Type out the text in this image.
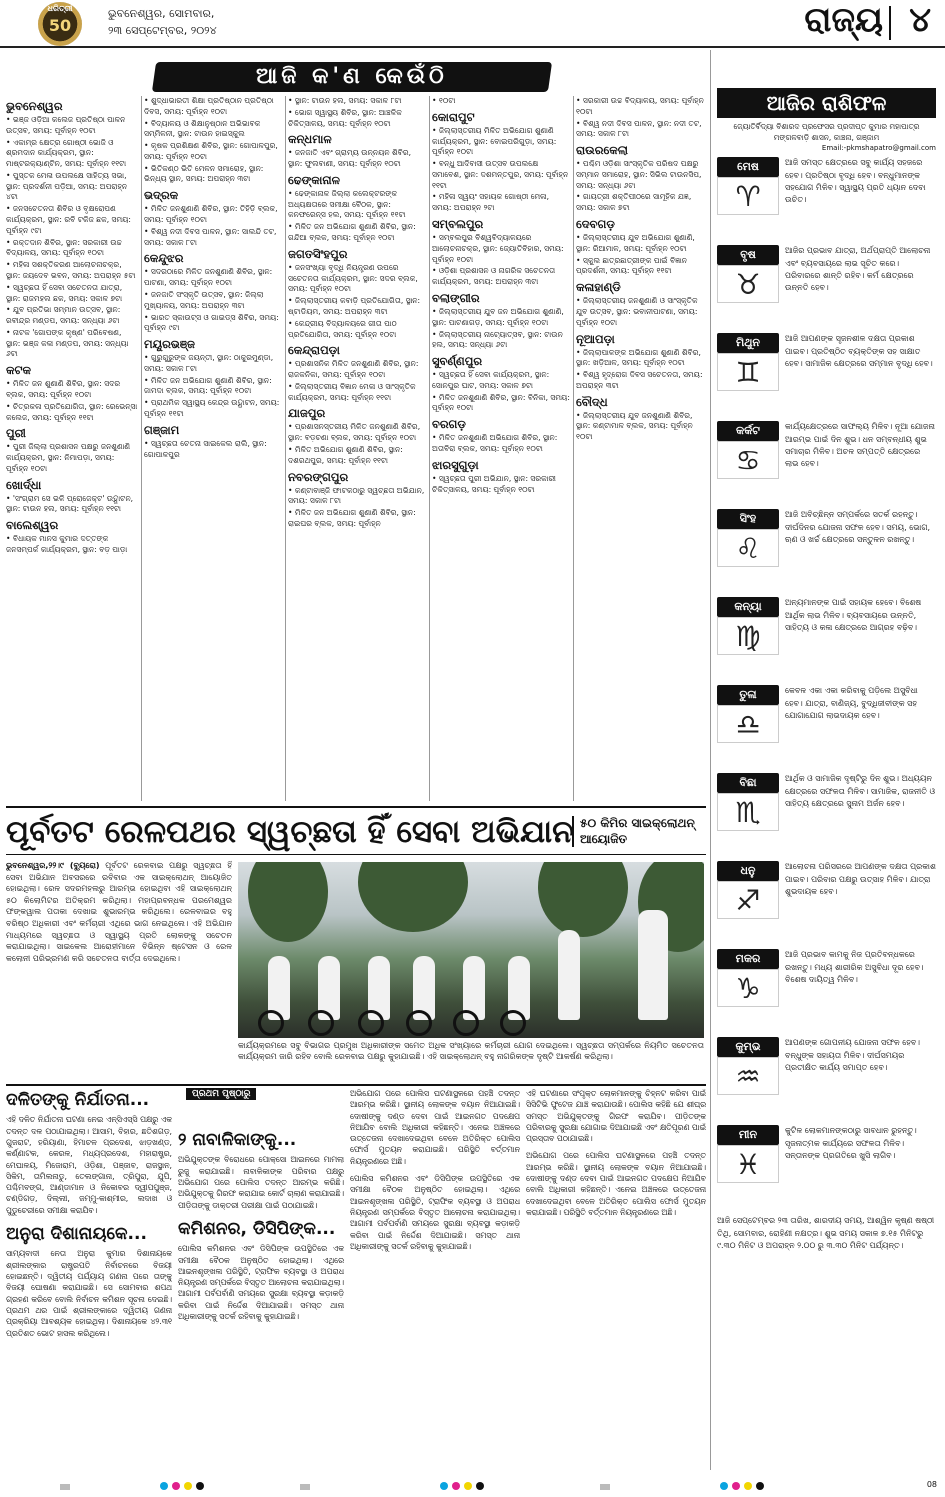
ଧରିତ୍ରୀ
50
ଭୁବନେଶ୍ୱର, ସୋମବାର,
୨୩ ସେପ୍ଟେମ୍ବର, ୨୦୨୪	ରାଜ୍ୟ ୪
ଆଜି କ'ଣ କେଉଁଠି
ଭୁବନେଶ୍ୱର

• ଭଞ୍ଜ ଓଡ଼ିଆ କଲେଜ ପ୍ରତିଷ୍ଠା ପାଳନ ଉତ୍ସବ, ସମୟ: ପୂର୍ବାହ୍ନ ୧୦ଟା

• ଏକାମ୍ର କ୍ଷେତ୍ର ଗୋଷ୍ଠୀ ଭୋଜି ଓ ଶ୍ରମଦାନ କାର୍ଯ୍ୟକ୍ରମ, ସ୍ଥାନ: ମାଷ୍ଟରକ୍ୟାଣ୍ଟିନ, ସମୟ: ପୂର୍ବାହ୍ନ ୧୧ଟା

• ପୁସ୍ତକ ମେଳା ଉପଲକ୍ଷେ ସାହିତ୍ୟ ସଭା, ସ୍ଥାନ: ପ୍ରଦର୍ଶନୀ ପଡ଼ିଆ, ସମୟ: ଅପରାହ୍ନ ୪ଟା

• ଜନସଚେତନତା ଶିବିର ଓ ବୃକ୍ଷରୋପଣ କାର୍ଯ୍ୟକ୍ରମ, ସ୍ଥାନ: ରବି ଟକିଜ ଛକ, ସମୟ: ପୂର୍ବାହ୍ନ ୯ଟା

• ରକ୍ତଦାନ ଶିବିର, ସ୍ଥାନ: ସରକାରୀ ଉଚ୍ଚ ବିଦ୍ୟାଳୟ, ସମୟ: ପୂର୍ବାହ୍ନ ୧୦ଟା

• ମହିଳା ସଶକ୍ତିକରଣ ଆଲୋଚନାଚକ୍ର, ସ୍ଥାନ: ଜୟଦେବ ଭବନ, ସମୟ: ଅପରାହ୍ନ ୫ଟା

• ସ୍ୱଚ୍ଛତା ହିଁ ସେବା ସଚେତନତା ଯାତ୍ରା, ସ୍ଥାନ: ରାଜମହଲ ଛକ, ସମୟ: ସକାଳ ୭ଟା

• ଯୁବ ପ୍ରତିଭା ସମ୍ମାନ ଉତ୍ସବ, ସ୍ଥାନ: ରବୀନ୍ଦ୍ର ମଣ୍ଡପ, ସମୟ: ସନ୍ଧ୍ୟା ୬ଟା

• ନାଟକ 'ଗୋପଙ୍କ କୃଷ୍ଣ' ପରିବେଷଣ, ସ୍ଥାନ: ଭଞ୍ଜ କଳା ମଣ୍ଡପ, ସମୟ: ସନ୍ଧ୍ୟା ୬ଟା

କଟକ

• ମିଳିତ ଜନ ଶୁଣାଣି ଶିବିର, ସ୍ଥାନ: ସଦର ବ୍ଲକ, ସମୟ: ପୂର୍ବାହ୍ନ ୧୦ଟା

• ଚିତ୍ରକଳା ପ୍ରତିଯୋଗିତା, ସ୍ଥାନ: ରେଭେନ୍ସା କଲେଜ, ସମୟ: ପୂର୍ବାହ୍ନ ୧୧ଟା

ପୁରୀ

• ପୁରୀ ଜିଲ୍ଲା ପ୍ରଶାସନ ପକ୍ଷରୁ ଜନଶୁଣାଣି କାର୍ଯ୍ୟକ୍ରମ, ସ୍ଥାନ: ନିମାପଡ଼ା, ସମୟ: ପୂର୍ବାହ୍ନ ୧୦ଟା

ଖୋର୍ଦ୍ଧା

• 'ସଂଗ୍ରାମ ସେ ଭଳି ପ୍ରୋଜେକ୍ଟ' ଉଦ୍ଘାଟନ, ସ୍ଥାନ: ଟାଉନ ହଲ, ସମୟ: ପୂର୍ବାହ୍ନ ୧୧ଟା

ବାଲେଶ୍ୱର

• ବିଧାୟକ ମାନସ କୁମାର ଦତ୍ତଙ୍କ ଜନସମ୍ପର୍କ କାର୍ଯ୍ୟକ୍ରମ, ସ୍ଥାନ: ବଡ଼ ପାଡ଼ା

• ଶୁଦ୍ଧାଭାରତୀ ଶିକ୍ଷା ପ୍ରତିଷ୍ଠାନ ପ୍ରତିଷ୍ଠା ଦିବସ, ସମୟ: ପୂର୍ବାହ୍ନ ୧୦ଟା

• ବିଦ୍ୟାଳୟ ଓ ଶିକ୍ଷାନୁଷ୍ଠାନ ଅଭିଭାବକ ସମ୍ମିଳନୀ, ସ୍ଥାନ: ଟାଉନ ହାଇସ୍କୁଲ

• କୃଷକ ପ୍ରଶିକ୍ଷଣ ଶିବିର, ସ୍ଥାନ: ଗୋପାଳପୁର, ସମୟ: ପୂର୍ବାହ୍ନ ୧୦ଟା

• ଭିତିକଣ୍ଠ ଭିତି ମେଳନ ସମାରୋହ, ସ୍ଥାନ: ଭିନ୍ଧ୍ୟ ସ୍ଥାନ, ସମୟ: ଅପରାହ୍ନ ୩ଟା

ଭଦ୍ରକ

• ମିଳିତ ଜନଶୁଣାଣି ଶିବିର, ସ୍ଥାନ: ତିହିଡ଼ି ବ୍ଲକ, ସମୟ: ପୂର୍ବାହ୍ନ ୧୦ଟା

• ବିଶ୍ୱ ନଦୀ ଦିବସ ପାଳନ, ସ୍ଥାନ: ସାଲନ୍ଦି ତଟ, ସମୟ: ସକାଳ ୮ଟା

କେନ୍ଦୁଝର

• ସଦରଠାରେ ମିଳିତ ଜନଶୁଣାଣି ଶିବିର, ସ୍ଥାନ: ପାଟଣା, ସମୟ: ପୂର୍ବାହ୍ନ ୧୦ଟା

• ଜନଜାତି ସଂସ୍କୃତି ଉତ୍ସବ, ସ୍ଥାନ: ଜିଲ୍ଲା ମୁଖ୍ୟାଳୟ, ସମୟ: ଅପରାହ୍ନ ୩ଟା

• ଭାରତ ସ୍କାଉଟ୍ସ ଓ ଗାଇଡ୍ସ ଶିବିର, ସମୟ: ପୂର୍ବାହ୍ନ ୯ଟା

ମୟୂରଭଞ୍ଜ

• ଗୁରୁଗୁରୁଙ୍କ ଜୟନ୍ତୀ, ସ୍ଥାନ: ଠାକୁରମୁଣ୍ଡା, ସମୟ: ସକାଳ ୮ଟା

• ମିଳିତ ଜନ ଅଭିଯୋଗ ଶୁଣାଣି ଶିବିର, ସ୍ଥାନ: ଜାମଦା ବ୍ଲକ, ସମୟ: ପୂର୍ବାହ୍ନ ୧୦ଟା

• ପ୍ରାଥମିକ ସ୍ୱାସ୍ଥ୍ୟ କେନ୍ଦ୍ର ଉଦ୍ଘାଟନ, ସମୟ: ପୂର୍ବାହ୍ନ ୧୧ଟା

ଗଞ୍ଜାମ

• ସ୍ୱଚ୍ଛତା ଚେତନା ସାଇକେଲ ରାଲି, ସ୍ଥାନ: ଗୋପାଳପୁର

• ସ୍ଥାନ: ଟାଉନ ହଲ, ସମୟ: ସକାଳ ୮ଟା

• ଭୋଗ ସ୍ୱାସ୍ଥ୍ୟ ଶିବିର, ସ୍ଥାନ: ଆଞ୍ଚଳିକ ଚିକିତ୍ସାଳୟ, ସମୟ: ପୂର୍ବାହ୍ନ ୧୦ଟା

କନ୍ଧମାଳ

• ଜନଜାତି ଏବଂ ଗ୍ରାମ୍ୟ ଉନ୍ନୟନ ଶିବିର, ସ୍ଥାନ: ଫୁଲବାଣୀ, ସମୟ: ପୂର୍ବାହ୍ନ ୧୦ଟା

ଢେଙ୍କାନାଳ

• ଢେଙ୍କାନାଳ ଜିଲ୍ଲା କଲେକ୍ଟରଙ୍କ ଅଧ୍ୟକ୍ଷତାରେ ସମୀକ୍ଷା ବୈଠକ, ସ୍ଥାନ: କନଫରେନ୍ସ ହଲ, ସମୟ: ପୂର୍ବାହ୍ନ ୧୧ଟା

• ମିଳିତ ଜନ ଅଭିଯୋଗ ଶୁଣାଣି ଶିବିର, ସ୍ଥାନ: ଗନ୍ଦିଆ ବ୍ଲକ, ସମୟ: ପୂର୍ବାହ୍ନ ୧୦ଟା

ଜଗତସିଂହପୁର

• ଜନସଂଖ୍ୟା ବୃଦ୍ଧି ନିୟନ୍ତ୍ରଣ ଉପରେ ସଚେତନତା କାର୍ଯ୍ୟକ୍ରମ, ସ୍ଥାନ: ସଦର ବ୍ଲକ, ସମୟ: ପୂର୍ବାହ୍ନ ୧୦ଟା

• ଜିଲ୍ଲାସ୍ତରୀୟ କବାଡ଼ି ପ୍ରତିଯୋଗିତା, ସ୍ଥାନ: ଷ୍ଟାଡିୟମ, ସମୟ: ଅପରାହ୍ନ ୩ଟା

• କେନ୍ଦ୍ରୀୟ ବିଦ୍ୟାଳୟରେ ଗୀତା ପାଠ ପ୍ରତିଯୋଗିତା, ସମୟ: ପୂର୍ବାହ୍ନ ୧୦ଟା

କେନ୍ଦ୍ରାପଡ଼ା

• ପ୍ରଶାସନିକ ମିଳିତ ଜନଶୁଣାଣି ଶିବିର, ସ୍ଥାନ: ରାଜକନିକା, ସମୟ: ପୂର୍ବାହ୍ନ ୧୦ଟା

• ଜିଲ୍ଲାସ୍ତରୀୟ ବିଜ୍ଞାନ ମେଳା ଓ ସାଂସ୍କୃତିକ କାର୍ଯ୍ୟକ୍ରମ, ସମୟ: ପୂର୍ବାହ୍ନ ୧୧ଟା

ଯାଜପୁର

• ପ୍ରଶାସନସ୍ତରୀୟ ମିଳିତ ଜନଶୁଣାଣି ଶିବିର, ସ୍ଥାନ: ବଡ଼ଚଣା ବ୍ଲକ, ସମୟ: ପୂର୍ବାହ୍ନ ୧୦ଟା

• ମିଳିତ ଅଭିଯୋଗ ଶୁଣାଣି ଶିବିର, ସ୍ଥାନ: ଦଶରଥପୁର, ସମୟ: ପୂର୍ବାହ୍ନ ୧୧ଟା

ନବରଙ୍ଗପୁର

• କଣ୍ଟାବାଞ୍ଜି ଫାଟକଠାରୁ ସ୍ୱଚ୍ଛତା ଅଭିଯାନ, ସମୟ: ସକାଳ ୮ଟା

• ମିଳିତ ଜନ ଅଭିଯୋଗ ଶୁଣାଣି ଶିବିର, ସ୍ଥାନ: ରାଇଘର ବ୍ଲକ, ସମୟ: ପୂର୍ବାହ୍ନ

• ୧୦ଟା

କୋରାପୁଟ

• ଜିଲ୍ଲାସ୍ତରୀୟ ମିଳିତ ଅଭିଯୋଗ ଶୁଣାଣି କାର୍ଯ୍ୟକ୍ରମ, ସ୍ଥାନ: ବୋଇପରିଗୁଡ଼ା, ସମୟ: ପୂର୍ବାହ୍ନ ୧୦ଟା

• ବନ୍ଧୁ ଆଦିବାସୀ ଉତ୍ସବ ଉପଲକ୍ଷେ ସମାବେଶ, ସ୍ଥାନ: ଦଶମନ୍ତପୁର, ସମୟ: ପୂର୍ବାହ୍ନ ୧୧ଟା

• ମହିଳା ସ୍ୱୟଂ ସହାୟକ ଗୋଷ୍ଠୀ ମେଳା, ସମୟ: ଅପରାହ୍ନ ୨ଟା

ସମ୍ବଲପୁର

• ସମ୍ବଲପୁର ବିଶ୍ୱବିଦ୍ୟାଳୟରେ ଆଲୋଚନାଚକ୍ର, ସ୍ଥାନ: ଜ୍ୟୋତିବିହାର, ସମୟ: ପୂର୍ବାହ୍ନ ୧୦ଟା

• ଓଡ଼ିଶା ପ୍ରଶାସନ ଓ ନାଗରିକ ସଚେତନତା କାର୍ଯ୍ୟକ୍ରମ, ସମୟ: ଅପରାହ୍ନ ୩ଟା

ବଲାଙ୍ଗୀର

• ଜିଲ୍ଲାସ୍ତରୀୟ ଯୁବ ଜନ ଅଭିଯୋଗ ଶୁଣାଣି, ସ୍ଥାନ: ପାଟଣାଗଡ଼, ସମୟ: ପୂର୍ବାହ୍ନ ୧୦ଟା

• ଜିଲ୍ଲାସ୍ତରୀୟ ନାଟ୍ୟୋତ୍ସବ, ସ୍ଥାନ: ଟାଉନ ହଲ, ସମୟ: ସନ୍ଧ୍ୟା ୬ଟା

ସୁବର୍ଣ୍ଣପୁର

• ସ୍ୱଚ୍ଛତା ହିଁ ସେବା କାର୍ଯ୍ୟକ୍ରମ, ସ୍ଥାନ: ସୋନପୁର ଘାଟ, ସମୟ: ସକାଳ ୭ଟା

• ମିଳିତ ଜନଶୁଣାଣି ଶିବିର, ସ୍ଥାନ: ବିନିକା, ସମୟ: ପୂର୍ବାହ୍ନ ୧୦ଟା

ବରଗଡ଼

• ମିଳିତ ଜନଶୁଣାଣି ଅଭିଯୋଗ ଶିବିର, ସ୍ଥାନ: ଅତାବିରା ବ୍ଲକ, ସମୟ: ପୂର୍ବାହ୍ନ ୧୦ଟା

ଝାରସୁଗୁଡ଼ା

• ସ୍ୱଚ୍ଛତା ପୁରୀ ଅଭିଯାନ, ସ୍ଥାନ: ସରକାରୀ ଚିକିତ୍ସାଳୟ, ସମୟ: ପୂର୍ବାହ୍ନ ୧୦ଟା

• ସରକାରୀ ଉଚ୍ଚ ବିଦ୍ୟାଳୟ, ସମୟ: ପୂର୍ବାହ୍ନ ୧୦ଟା

• ବିଶ୍ୱ ନଦୀ ଦିବସ ପାଳନ, ସ୍ଥାନ: ନଦୀ ତଟ, ସମୟ: ସକାଳ ୮ଟା

ରାଉରକେଲା

• ପଶ୍ଚିମ ଓଡ଼ିଶା ସାଂସ୍କୃତିକ ପରିଷଦ ପକ୍ଷରୁ ସମ୍ମାନ ସମାରୋହ, ସ୍ଥାନ: ସିଭିଲ ଟାଉନସିପ, ସମୟ: ସନ୍ଧ୍ୟା ୬ଟା

• ଗାୟତ୍ରୀ ଶକ୍ତିପୀଠରେ ସାମୂହିକ ଯଜ୍ଞ, ସମୟ: ସକାଳ ୭ଟା

ଦେବଗଡ଼

• ଜିଲ୍ଲାସ୍ତରୀୟ ଯୁବ ଅଭିଯୋଗ ଶୁଣାଣି, ସ୍ଥାନ: ରିଆମାଳ, ସମୟ: ପୂର୍ବାହ୍ନ ୧୦ଟା

• ସ୍କୁଲ ଛାତ୍ରଛାତ୍ରୀଙ୍କ ପାଇଁ ବିଜ୍ଞାନ ପ୍ରଦର୍ଶନୀ, ସମୟ: ପୂର୍ବାହ୍ନ ୧୧ଟା

କଳାହାଣ୍ଡି

• ଜିଲ୍ଲାସ୍ତରୀୟ ଜନଶୁଣାଣି ଓ ସାଂସ୍କୃତିକ ଯୁବ ଉତ୍ସବ, ସ୍ଥାନ: ଭବାନୀପାଟଣା, ସମୟ: ପୂର୍ବାହ୍ନ ୧୦ଟା

ନୂଆପଡ଼ା

• ଜିଲ୍ଲାପାଳଙ୍କ ଅଭିଯୋଗ ଶୁଣାଣି ଶିବିର, ସ୍ଥାନ: ଖଡ଼ିଆଳ, ସମୟ: ପୂର୍ବାହ୍ନ ୧୦ଟା

• ବିଶ୍ୱ ହୃଦ୍‌ରୋଗ ଦିବସ ସଚେତନତା, ସମୟ: ଅପରାହ୍ନ ୩ଟା

ବୌଦ୍ଧ

• ଜିଲ୍ଲାସ୍ତରୀୟ ଯୁବ ଜନଶୁଣାଣି ଶିବିର, ସ୍ଥାନ: କଣ୍ଟାମାଳ ବ୍ଲକ, ସମୟ: ପୂର୍ବାହ୍ନ ୧୦ଟା

ଆଜିର ରାଶିଫଳ
ଜ୍ୟୋତିର୍ବିଦ୍ୟା ବିଶାରଦ ପ୍ରଫେସର ପ୍ରଦୀପ୍ତ କୁମାର ମହାପାତ୍ର ମଙ୍ଗଳବାଡ଼ି ଶାସନ, କାଞ୍ଚନା, ଗଞ୍ଜାମ
Email:-pkmshapatro@gmail.com
ମେଷ
♈
ଆଜି ସମସ୍ତ କ୍ଷେତ୍ରରେ ସବୁ କାର୍ଯ୍ୟ ସହଜରେ ହେବ। ପ୍ରତିଷ୍ଠା ବୃଦ୍ଧି ହେବ। ବନ୍ଧୁମାନଙ୍କ ସହଯୋଗ ମିଳିବ। ସ୍ୱାସ୍ଥ୍ୟ ପ୍ରତି ଧ୍ୟାନ ଦେବା ଉଚିତ।
ବୃଷ
♉
ଆଜିର ପ୍ରଭାବ ଯାତ୍ରା, ଅର୍ଥପ୍ରାପ୍ତି ଆଲୋଚନା ଏବଂ ବ୍ୟବସାୟରେ ଲାଭ ସୂଚିତ କରେ। ପରିବାରରେ ଶାନ୍ତି ରହିବ। କର୍ମ କ୍ଷେତ୍ରରେ ଉନ୍ନତି ହେବ।
ମିଥୁନ
♊
ଆଜି ଆପଣଙ୍କ ସୃଜନଶୀଳ ଦକ୍ଷତା ପ୍ରକାଶ ପାଇବ। ପ୍ରତିଷ୍ଠିତ ବ୍ୟକ୍ତିଙ୍କ ସହ ସାକ୍ଷାତ ହେବ। ସାମାଜିକ କ୍ଷେତ୍ରରେ ସମ୍ମାନ ବୃଦ୍ଧି ହେବ।
କର୍କଟ
♋
କାର୍ଯ୍ୟକ୍ଷେତ୍ରରେ ସାଫଲ୍ୟ ମିଳିବ। ନୂଆ ଯୋଜନା ଆରମ୍ଭ ପାଇଁ ଦିନ ଶୁଭ। ଧନ ସମ୍ବନ୍ଧୀୟ ଶୁଭ ସମାଚାର ମିଳିବ। ଅଚଳ ସମ୍ପତ୍ତି କ୍ଷେତ୍ରରେ ଲାଭ ହେବ।
ସିଂହ
♌
ଆଜି ଅବିଚ୍ଛିନ୍ନ ସମ୍ପର୍କରେ ସତର୍କ ରହନ୍ତୁ। ଦୀର୍ଘଦିନର ଯୋଜନା ସଫଳ ହେବ। ସମୟ, ଭୋଗ, ଋଣ ଓ ଖର୍ଚ୍ଚ କ୍ଷେତ୍ରରେ ସନ୍ତୁଳନ ରଖନ୍ତୁ।
କନ୍ୟା
♍
ଅନ୍ୟମାନଙ୍କ ପାଇଁ ସହାୟକ ହେବେ। ବିଶେଷ ଆର୍ଥିକ ଲାଭ ମିଳିବ। ବ୍ୟବସାୟରେ ଉନ୍ନତି, ସାହିତ୍ୟ ଓ କଳା କ୍ଷେତ୍ରରେ ଆଗ୍ରହ ବଢ଼ିବ।
ତୁଳା
♎
କେବଳ ଏକା ଏକା କରିବାକୁ ପଡ଼ିଲେ ଅସୁବିଧା ହେବ। ଯାତ୍ରା, ବାଣିଜ୍ୟ, ବୁଦ୍ଧିଜୀବୀଙ୍କ ସହ ଯୋଗାଯୋଗ ଲାଭଦାୟକ ହେବ।
ବିଛା
♏
ଆର୍ଥିକ ଓ ସାମାଜିକ ଦୃଷ୍ଟିରୁ ଦିନ ଶୁଭ। ଅଧ୍ୟୟନ କ୍ଷେତ୍ରରେ ସଫଳତା ମିଳିବ। ସାମାଜିକ, ରାଜନୀତି ଓ ସାହିତ୍ୟ କ୍ଷେତ୍ରରେ ସୁନାମ ଅର୍ଜନ ହେବ।
ଧନୁ
♐
ଆଲୋଚନା ପରିସରରେ ଆପଣଙ୍କ ଦକ୍ଷତା ପ୍ରକାଶ ପାଇବ। ପରିବାର ପକ୍ଷରୁ ଉତ୍ସାହ ମିଳିବ। ଯାତ୍ରା ଶୁଭଦାୟକ ହେବ।
ମକର
♑
ଆଜି ପ୍ରଭାବ କାମକୁ ନିଜ ପ୍ରତିବନ୍ଧକରେ ରଖନ୍ତୁ। ମଧ୍ୟ ଶାରୀରିକ ଅସୁବିଧା ଦୂର ହେବ। ବିଶେଷ ଦାୟିତ୍ୱ ମିଳିବ।
କୁମ୍ଭ
♒
ଆପଣଙ୍କ ଗୋପନୀୟ ଯୋଜନା ସଫଳ ହେବ। ବନ୍ଧୁଙ୍କ ସହାୟତା ମିଳିବ। ଦୀର୍ଘସମୟର ପ୍ରତୀକ୍ଷିତ କାର୍ଯ୍ୟ ସମାପ୍ତ ହେବ।
ମୀନ
♓
କୁଟିଳ ଲୋକମାନଙ୍କଠାରୁ ସାବଧାନ ରୁହନ୍ତୁ। ସୃଜନାତ୍ମକ କାର୍ଯ୍ୟରେ ସଫଳତା ମିଳିବ। ସନ୍ତାନଙ୍କ ପ୍ରଗତିରେ ଖୁସି ଲାଗିବ।
ଆଜି ସେପ୍ଟେମ୍ବର ୨୩ ତାରିଖ, ଶାରଦୀୟ ସମୟ, ଆଶ୍ୱିନ କୃଷ୍ଣ ଷଷ୍ଠୀ ତିଥି, ସୋମବାର, ରୋହିଣୀ ନକ୍ଷତ୍ର। ଶୁଭ ସମୟ ସକାଳ ୭.୧୫ ମିନିଟରୁ ୯.୩୦ ମିନିଟ ଓ ଅପରାହ୍ନ ୨.୦୦ ରୁ ୩.୩୦ ମିନିଟ ପର୍ଯ୍ୟନ୍ତ।
ପୂର୍ବତଟ ରେଳପଥର ସ୍ୱଚ୍ଛତା ହିଁ ସେବା ଅଭିଯାନ ୫୦ କିମିର ସାଇକ୍ଲୋଥନ୍‌ ଆୟୋଜିତ
ଭୁବନେଶ୍ୱର,୨୨।୯ (ବ୍ୟୁରୋ) ପୂର୍ବତଟ ରେଳବାଇ ପକ୍ଷରୁ ସ୍ୱଚ୍ଛତା ହିଁ ସେବା ଅଭିଯାନ ଅବସରରେ ରବିବାର ଏକ ସାଇକ୍ଲୋଥନ୍‌ ଆୟୋଜିତ ହୋଇଥିଲା। ରେଳ ସଦରମହଲରୁ ଆରମ୍ଭ ହୋଇଥିବା ଏହି ସାଇକ୍ଲୋଥନ୍‌ ୫୦ କିଲୋମିଟର ଅତିକ୍ରମ କରିଥିଲା। ମହାପ୍ରବନ୍ଧକ ପରମେଶ୍ୱର ଫଙ୍କୱାଲ ପତାକା ଦେଖାଇ ଶୁଭାରମ୍ଭ କରିଥିଲେ। ରେଳବାଇର ବହୁ ବରିଷ୍ଠ ଅଧିକାରୀ ଏବଂ କର୍ମଚାରୀ ଏଥିରେ ଭାଗ ନେଇଥିଲେ। ଏହି ଅଭିଯାନ ମାଧ୍ୟମରେ ସ୍ୱଚ୍ଛତା ଓ ସ୍ୱାସ୍ଥ୍ୟ ପ୍ରତି ଲୋକଙ୍କୁ ସଚେତନ କରାଯାଇଥିଲା। ସାଇକେଲ ଆରୋହୀମାନେ ବିଭିନ୍ନ ଷ୍ଟେସନ ଓ ରେଳ କଲୋନୀ ପରିଭ୍ରମଣ କରି ସଚେତନତା ବାର୍ତ୍ତା ଦେଇଥିଲେ।
କାର୍ଯ୍ୟକ୍ରମରେ ସବୁ ବିଭାଗର ପ୍ରମୁଖ ଅଧିକାରୀଙ୍କ ସମେତ ଅଧିକ ସଂଖ୍ୟାରେ କର୍ମଚାରୀ ଯୋଗ ଦେଇଥିଲେ। ସ୍ୱଚ୍ଛତା ସମ୍ପର୍କରେ ନିୟମିତ ସଚେତନତା କାର୍ଯ୍ୟକ୍ରମ ଜାରି ରହିବ ବୋଲି ରେଳବାଇ ପକ୍ଷରୁ କୁହାଯାଇଛି। ଏହି ସାଇକ୍ଲୋଥନ୍‌ ବହୁ ନାଗରିକଙ୍କ ଦୃଷ୍ଟି ଆକର୍ଷଣ କରିଥିଲା।
ଦଳିତଙ୍କୁ ନିର୍ଯାତନା...

ଏହି ଦଳିତ ନିର୍ଯାତନା ଘଟଣା ନେଇ ଏନ୍‌ସିଏସ୍‌ସି ପକ୍ଷରୁ ଏକ ତଦନ୍ତ ଦଳ ପଠାଯାଇଥିଲା। ଆସାମ, ବିହାର, ଛତିଶଗଡ଼, ଗୁଜରାଟ, ହରିୟାଣା, ହିମାଚଳ ପ୍ରଦେଶ, ଝାଡ଼ଖଣ୍ଡ, କର୍ଣ୍ଣାଟକ, କେରଳ, ମଧ୍ୟପ୍ରଦେଶ, ମହାରାଷ୍ଟ୍ର, ମେଘାଳୟ, ମିଜୋରାମ, ଓଡ଼ିଶା, ପଞ୍ଜାବ, ରାଜସ୍ଥାନ, ସିକିମ, ତାମିଲନାଡୁ, ତେଲଙ୍ଗାନା, ତ୍ରିପୁରା, ଯୁପି, ପଶ୍ଚିମବଙ୍ଗ, ଆଣ୍ଡାମାନ ଓ ନିକୋବର ଦ୍ୱୀପପୁଞ୍ଜ, ଚଣ୍ଡିଗଡ଼, ଦିଲ୍ଲୀ, ଜମ୍ମୁ-କାଶ୍ମୀର, ଲଦାଖ ଓ ପୁଡୁଚେରୀରେ ସମୀକ୍ଷା କରାଯିବ।

ଅନୁରା ଦିଶାନାୟକେ...

ସାମ୍ୟବାଦୀ ନେତା ଅନୁରା କୁମାର ଦିଶାନାୟକେ ଶ୍ରୀଲଙ୍କାର ରାଷ୍ଟ୍ରପତି ନିର୍ବାଚନରେ ବିଜୟୀ ହୋଇଛନ୍ତି। ଦ୍ୱିତୀୟ ପର୍ଯ୍ୟାୟ ଗଣନା ପରେ ତାଙ୍କୁ ବିଜୟୀ ଘୋଷଣା କରାଯାଇଛି। ସେ ସୋମବାର ଶପଥ ଗ୍ରହଣ କରିବେ ବୋଲି ନିର୍ବାଚନ କମିଶନ ସୂଚନା ଦେଇଛି। ପ୍ରଥମ ଥର ପାଇଁ ଶ୍ରୀଲଙ୍କାରେ ଦ୍ୱିତୀୟ ଗଣନା ପ୍ରକ୍ରିୟା ଆବଶ୍ୟକ ହୋଇଥିଲା। ଦିଶାନାୟକେ ୪୨.୩୧ ପ୍ରତିଶତ ଭୋଟ ହାସଲ କରିଥିଲେ।

ପ୍ରଥମ ପୃଷ୍ଠାରୁ
୨ ନାବାଳିକାଙ୍କୁ...

ଅଭିଯୁକ୍ତଙ୍କ ବିରୋଧରେ ପୋକ୍ସୋ ଆଇନରେ ମାମଲା ରୁଜୁ କରାଯାଇଛି। ନାବାଳିକାଙ୍କ ପରିବାର ପକ୍ଷରୁ ଅଭିଯୋଗ ପରେ ପୋଲିସ ତଦନ୍ତ ଆରମ୍ଭ କରିଛି। ଅଭିଯୁକ୍ତକୁ ଗିରଫ କରାଯାଇ କୋର୍ଟ ଚାଲାଣ କରାଯାଇଛି। ପୀଡ଼ିତାଙ୍କୁ ଡାକ୍ତରୀ ପରୀକ୍ଷା ପାଇଁ ପଠାଯାଇଛି।

କମିଶନର, ଡିସିପିଙ୍କ...

ପୋଲିସ କମିଶନର ଏବଂ ଡିସିପିଙ୍କ ଉପସ୍ଥିତିରେ ଏକ ସମୀକ୍ଷା ବୈଠକ ଅନୁଷ୍ଠିତ ହୋଇଥିଲା। ଏଥିରେ ଆଇନଶୃଙ୍ଖଳା ପରିସ୍ଥିତି, ଟ୍ରାଫିକ ବ୍ୟବସ୍ଥା ଓ ଅପରାଧ ନିୟନ୍ତ୍ରଣ ସମ୍ପର୍କରେ ବିସ୍ତୃତ ଆଲୋଚନା କରାଯାଇଥିଲା। ଆଗାମୀ ପର୍ବପର୍ବାଣି ସମୟରେ ସୁରକ୍ଷା ବ୍ୟବସ୍ଥା କଡ଼ାକଡ଼ି କରିବା ପାଇଁ ନିର୍ଦ୍ଦେଶ ଦିଆଯାଇଛି। ସମସ୍ତ ଥାନା ଅଧିକାରୀଙ୍କୁ ସତର୍କ ରହିବାକୁ କୁହାଯାଇଛି।

ଅଭିଯୋଗ ପରେ ପୋଲିସ ଘଟଣାସ୍ଥଳରେ ପହଞ୍ଚି ତଦନ୍ତ ଆରମ୍ଭ କରିଛି। ସ୍ଥାନୀୟ ଲୋକଙ୍କ ବୟାନ ନିଆଯାଇଛି। ଦୋଷୀଙ୍କୁ ଦଣ୍ଡ ଦେବା ପାଇଁ ଆଇନଗତ ପଦକ୍ଷେପ ନିଆଯିବ ବୋଲି ଅଧିକାରୀ କହିଛନ୍ତି। ଏନେଇ ଅଞ୍ଚଳରେ ଉତ୍ତେଜନା ଦେଖାଦେଇଥିବା ବେଳେ ଅତିରିକ୍ତ ପୋଲିସ ଫୋର୍ସ ମୁତୟନ କରାଯାଇଛି। ପରିସ୍ଥିତି ବର୍ତ୍ତମାନ ନିୟନ୍ତ୍ରଣରେ ଅଛି।

ପୋଲିସ କମିଶନର ଏବଂ ଡିସିପିଙ୍କ ଉପସ୍ଥିତିରେ ଏକ ସମୀକ୍ଷା ବୈଠକ ଅନୁଷ୍ଠିତ ହୋଇଥିଲା। ଏଥିରେ ଆଇନଶୃଙ୍ଖଳା ପରିସ୍ଥିତି, ଟ୍ରାଫିକ ବ୍ୟବସ୍ଥା ଓ ଅପରାଧ ନିୟନ୍ତ୍ରଣ ସମ୍ପର୍କରେ ବିସ୍ତୃତ ଆଲୋଚନା କରାଯାଇଥିଲା। ଆଗାମୀ ପର୍ବପର୍ବାଣି ସମୟରେ ସୁରକ୍ଷା ବ୍ୟବସ୍ଥା କଡ଼ାକଡ଼ି କରିବା ପାଇଁ ନିର୍ଦ୍ଦେଶ ଦିଆଯାଇଛି। ସମସ୍ତ ଥାନା ଅଧିକାରୀଙ୍କୁ ସତର୍କ ରହିବାକୁ କୁହାଯାଇଛି।

ଏହି ଘଟଣାରେ ସଂପୃକ୍ତ ଲୋକମାନଙ୍କୁ ଚିହ୍ନଟ କରିବା ପାଇଁ ସିସିଟିଭି ଫୁଟେଜ ଯାଞ୍ଚ କରାଯାଉଛି। ପୋଲିସ କହିଛି ଯେ ଶୀଘ୍ର ସମସ୍ତ ଅଭିଯୁକ୍ତଙ୍କୁ ଗିରଫ କରାଯିବ। ପୀଡ଼ିତଙ୍କ ପରିବାରକୁ ସୁରକ୍ଷା ଯୋଗାଇ ଦିଆଯାଇଛି ଏବଂ କ୍ଷତିପୂରଣ ପାଇଁ ପ୍ରସ୍ତାବ ପଠାଯାଇଛି।

ଅଭିଯୋଗ ପରେ ପୋଲିସ ଘଟଣାସ୍ଥଳରେ ପହଞ୍ଚି ତଦନ୍ତ ଆରମ୍ଭ କରିଛି। ସ୍ଥାନୀୟ ଲୋକଙ୍କ ବୟାନ ନିଆଯାଇଛି। ଦୋଷୀଙ୍କୁ ଦଣ୍ଡ ଦେବା ପାଇଁ ଆଇନଗତ ପଦକ୍ଷେପ ନିଆଯିବ ବୋଲି ଅଧିକାରୀ କହିଛନ୍ତି। ଏନେଇ ଅଞ୍ଚଳରେ ଉତ୍ତେଜନା ଦେଖାଦେଇଥିବା ବେଳେ ଅତିରିକ୍ତ ପୋଲିସ ଫୋର୍ସ ମୁତୟନ କରାଯାଇଛି। ପରିସ୍ଥିତି ବର୍ତ୍ତମାନ ନିୟନ୍ତ୍ରଣରେ ଅଛି।

08
